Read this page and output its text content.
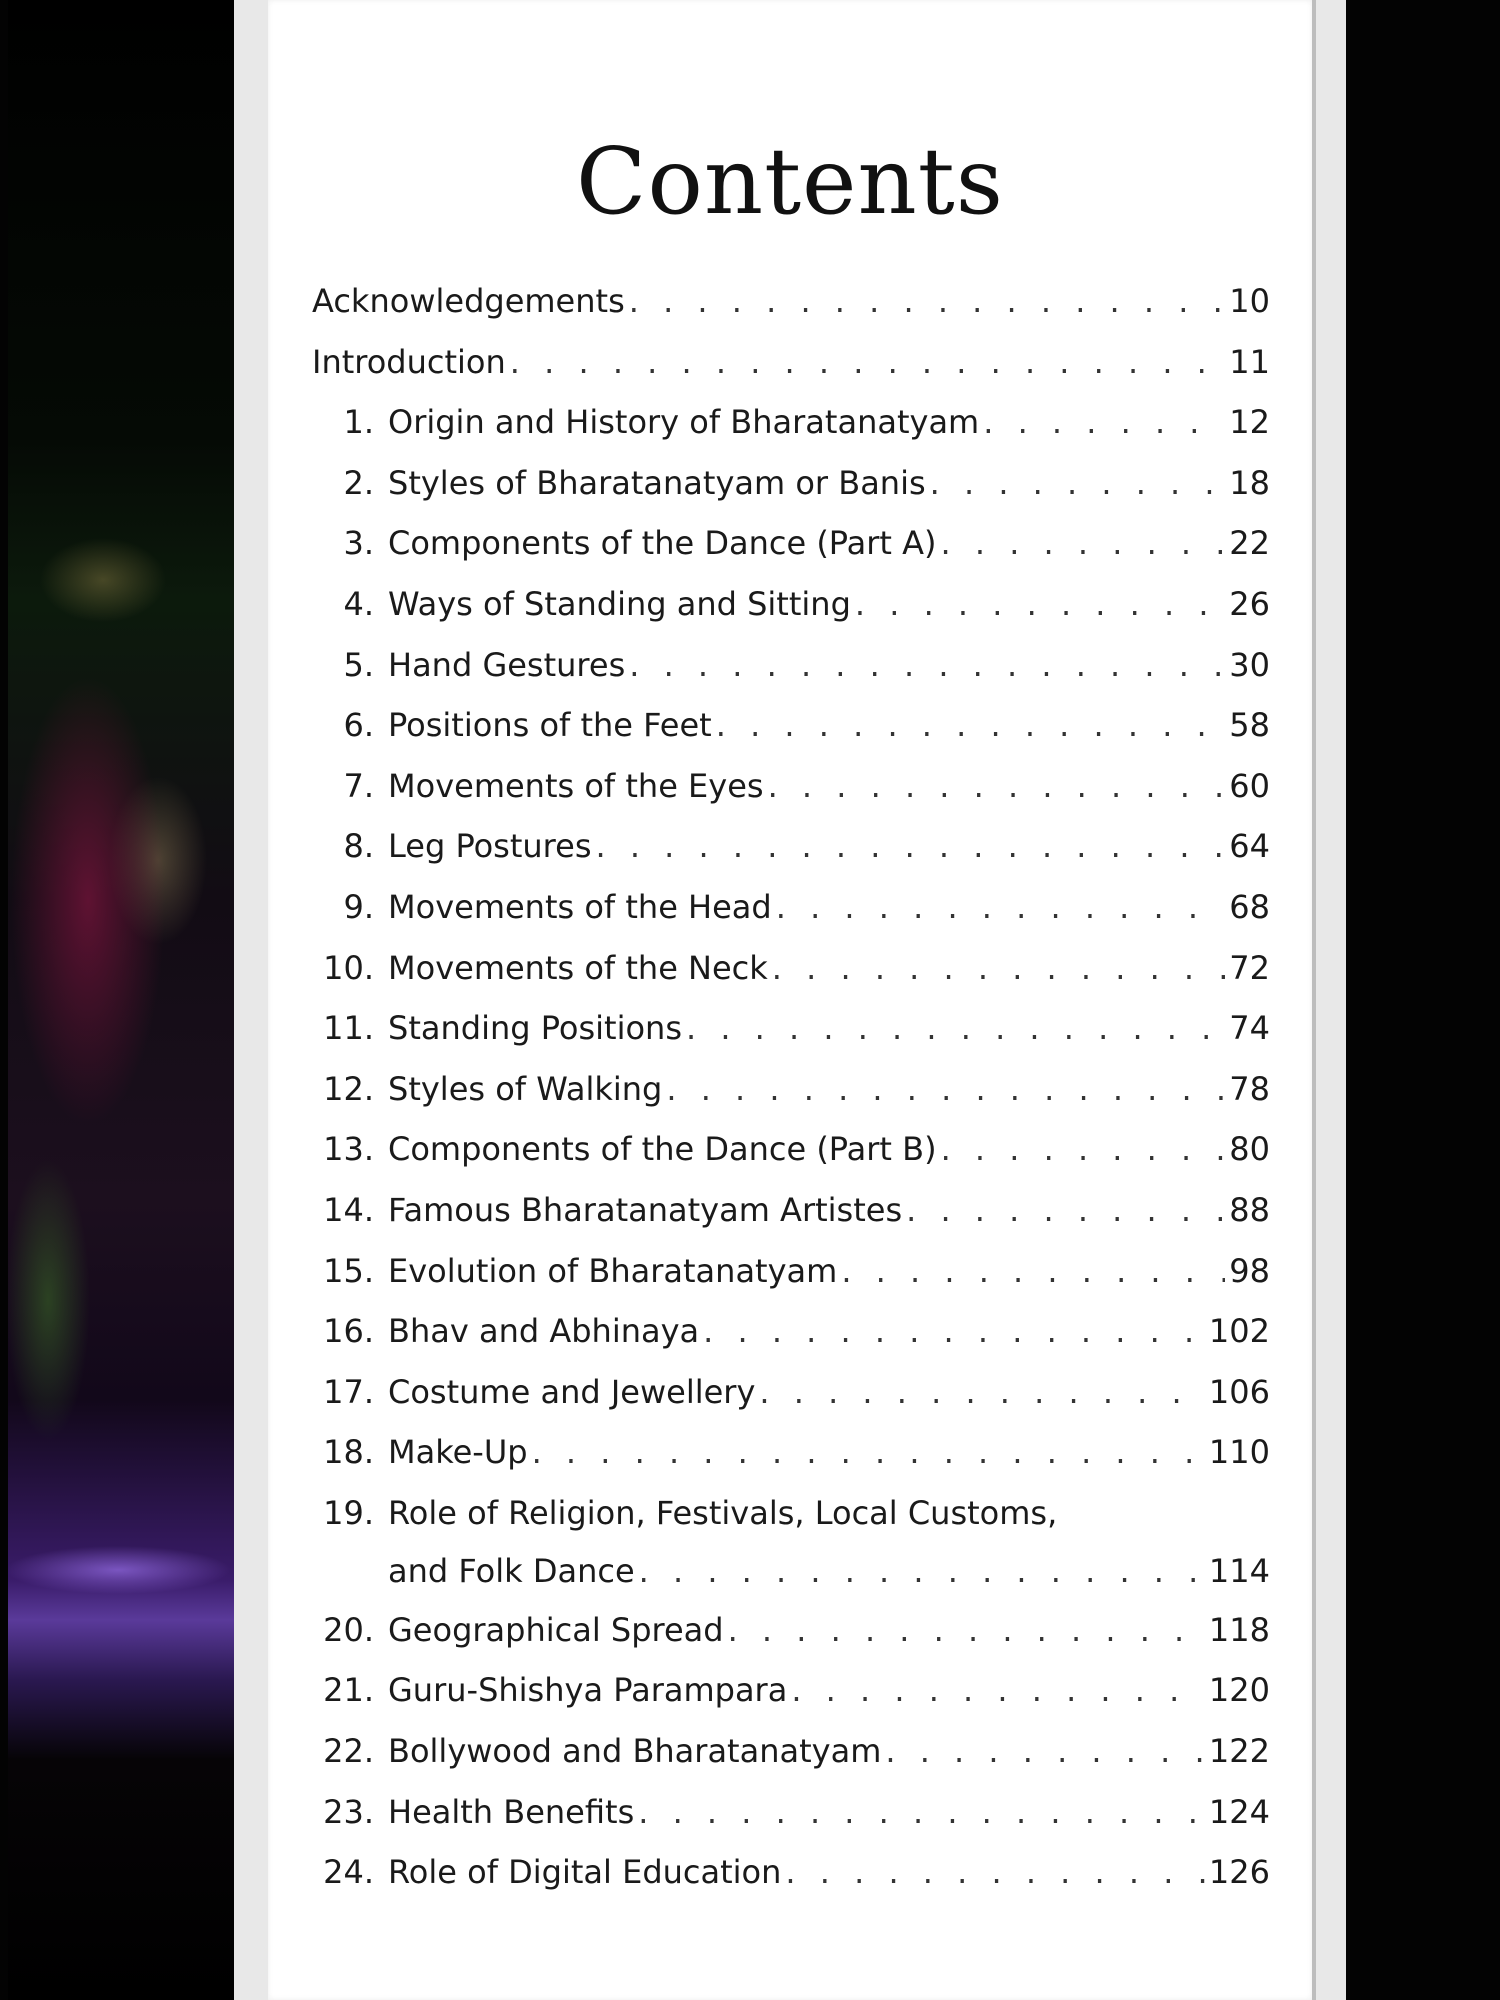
Contents
Acknowledgements . . .	10
Introduction . . .	11
1. Origin and History of Bharatanatyam . . .	12
2. Styles of Bharatanatyam or Banis . . .	18
3. Components of the Dance (Part A) . . .	22
4. Ways of Standing and Sitting . . .	26
5. Hand Gestures . . .	30
6. Positions of the Feet . . .	58
7. Movements of the Eyes . . .	60
8. Leg Postures . . .	64
9. Movements of the Head . . .	68
10. Movements of the Neck . . .	72
11. Standing Positions . . .	74
12. Styles of Walking . . .	78
13. Components of the Dance (Part B) . . .	80
14. Famous Bharatanatyam Artistes . . .	88
15. Evolution of Bharatanatyam . . .	98
16. Bhav and Abhinaya . . .	102
17. Costume and Jewellery . . .	106
18. Make-Up . . .	110
19. Role of Religion, Festivals, Local Customs,
and Folk Dance . . .	114
20. Geographical Spread . . .	118
21. Guru-Shishya Parampara . . .	120
22. Bollywood and Bharatanatyam . . .	122
23. Health Benefits . . .	124
24. Role of Digital Education . . .	126
